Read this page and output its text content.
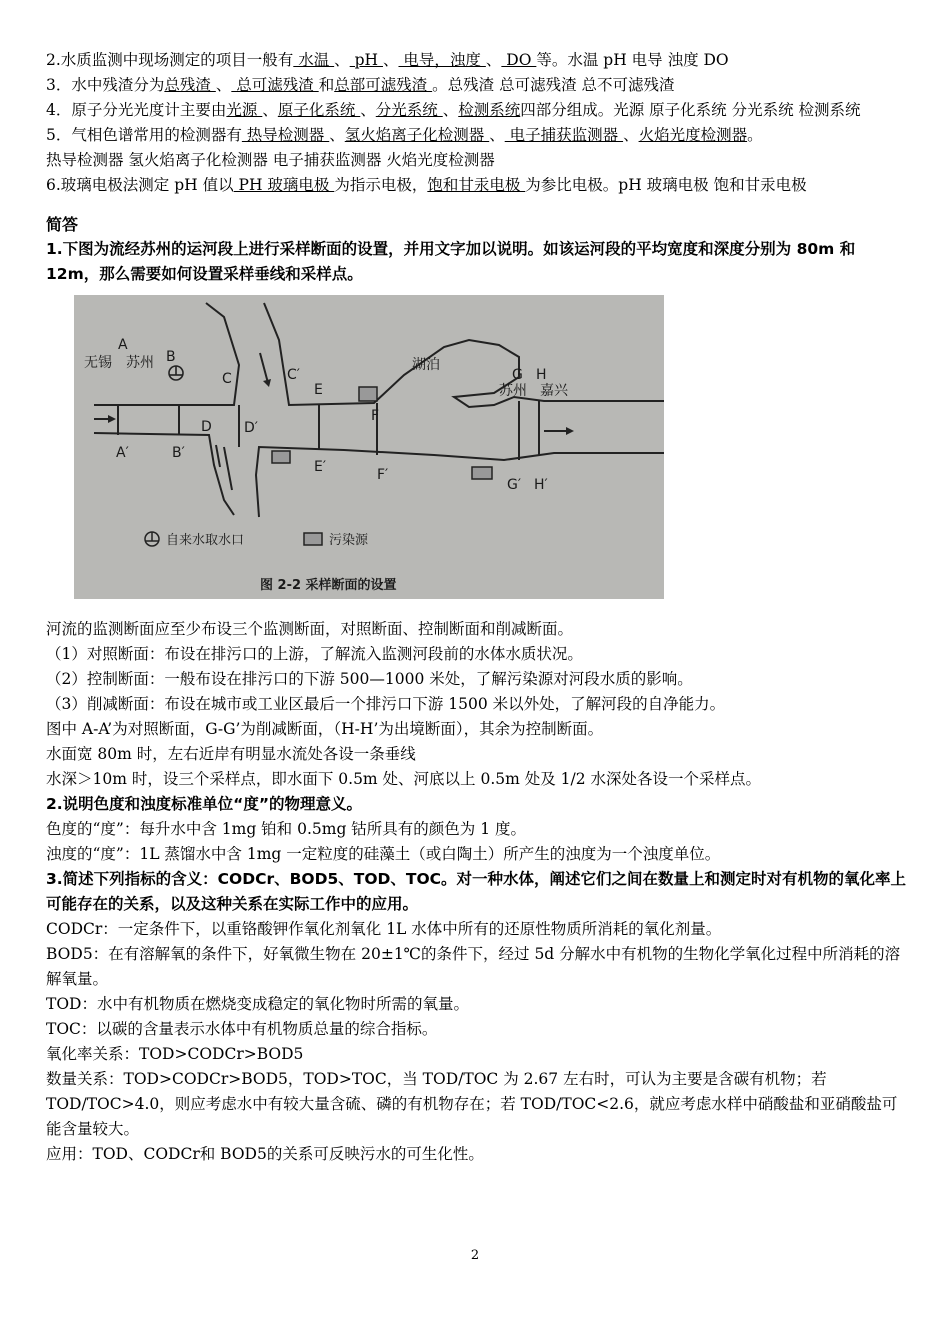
2.水质监测中现场测定的项目一般有 水温 、 pH 、 电导，浊度 、 DO 等。水温 pH 电导 浊度 DO

3．水中残渣分为总残渣 、 总可滤残渣 和总部可滤残渣 。总残渣 总可滤残渣 总不可滤残渣

4．原子分光光度计主要由光源 、原子化系统 、分光系统 、检测系统四部分组成。光源 原子化系统 分光系统 检测系统

5．气相色谱常用的检测器有 热导检测器 、氢火焰离子化检测器 、 电子捕获监测器 、火焰光度检测器。

热导检测器 氢火焰离子化检测器 电子捕获监测器 火焰光度检测器

6.玻璃电极法测定 pH 值以 PH 玻璃电极 为指示电极，饱和甘汞电极 为参比电极。pH 玻璃电极 饱和甘汞电极

简答

1.下图为流经苏州的运河段上进行采样断面的设置，并用文字加以说明。如该运河段的平均宽度和深度分别为 80m 和 12m，那么需要如何设置采样垂线和采样点。

A
B
C	C′
E
F
D D′
A′	B′
E′	F′
G H
G′ H′
无锡 苏州
苏州 嘉兴
湖泊
自来水取水口	污染源
图 2-2 采样断面的设置

河流的监测断面应至少布设三个监测断面，对照断面、控制断面和削减断面。

（1）对照断面：布设在排污口的上游，了解流入监测河段前的水体水质状况。

（2）控制断面：一般布设在排污口的下游 500—1000 米处，了解污染源对河段水质的影响。

（3）削减断面：布设在城市或工业区最后一个排污口下游 1500 米以外处，了解河段的自净能力。

图中 A-A’为对照断面，G-G’为削减断面，（H-H’为出境断面），其余为控制断面。

水面宽 80m 时，左右近岸有明显水流处各设一条垂线

水深＞10m 时，设三个采样点，即水面下 0.5m 处、河底以上 0.5m 处及 1/2 水深处各设一个采样点。

2.说明色度和浊度标准单位“度”的物理意义。

色度的“度”：每升水中含 1mg 铂和 0.5mg 钴所具有的颜色为 1 度。

浊度的“度”：1L 蒸馏水中含 1mg 一定粒度的硅藻土（或白陶土）所产生的浊度为一个浊度单位。

3.简述下列指标的含义：CODCr、BOD5、TOD、TOC。对一种水体，阐述它们之间在数量上和测定时对有机物的氧化率上可能存在的关系，以及这种关系在实际工作中的应用。

CODCr：一定条件下，以重铬酸钾作氧化剂氧化 1L 水体中所有的还原性物质所消耗的氧化剂量。

BOD5：在有溶解氧的条件下，好氧微生物在 20±1℃的条件下，经过 5d 分解水中有机物的生物化学氧化过程中所消耗的溶解氧量。

TOD：水中有机物质在燃烧变成稳定的氧化物时所需的氧量。

TOC：以碳的含量表示水体中有机物质总量的综合指标。

氧化率关系：TOD>CODCr>BOD5

数量关系：TOD>CODCr>BOD5，TOD>TOC，当 TOD/TOC 为 2.67 左右时，可认为主要是含碳有机物；若 TOD/TOC>4.0，则应考虑水中有较大量含硫、磷的有机物存在；若 TOD/TOC<2.6，就应考虑水样中硝酸盐和亚硝酸盐可能含量较大。

应用：TOD、CODCr和 BOD5的关系可反映污水的可生化性。

2
